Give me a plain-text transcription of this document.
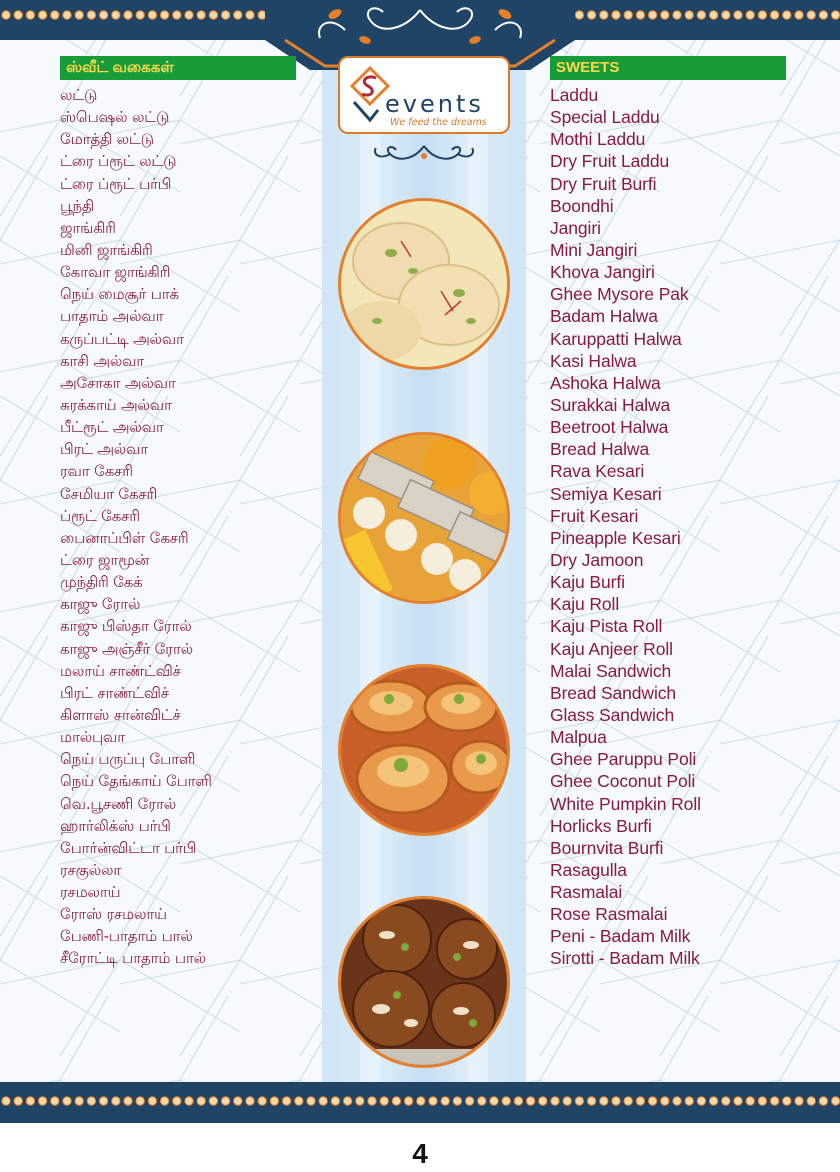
events
We feed the dreams
ஸ்வீட் வகைகள்	SWEETS
லட்டு
ஸ்பெஷல் லட்டு
மோத்தி லட்டு
ட்ரை ப்ரூட் லட்டு
ட்ரை ப்ரூட் பர்பி
பூந்தி
ஜாங்கிரி
மினி ஜாங்கிரி
கோவா ஜாங்கிரி
நெய் மைசூர் பாக்
பாதாம் அல்வா
கருப்பட்டி அல்வா
காசி அல்வா
அசோகா அல்வா
சுரக்காய் அல்வா
பீட்ரூட் அல்வா
பிரட் அல்வா
ரவா கேசரி
சேமியா கேசரி
ப்ரூட் கேசரி
பைனாப்பிள் கேசரி
ட்ரை ஜாமூன்
முந்திரி கேக்
காஜு ரோல்
காஜு பிஸ்தா ரோல்
காஜு அஞ்சீர் ரோல்
மலாய் சாண்ட்விச்
பிரட் சாண்ட்விச்
கிளாஸ் சான்விட்ச்
மால்புவா
நெய் பருப்பு போளி
நெய் தேங்காய் போளி
வெ.பூசணி ரோல்
ஹார்லிக்ஸ் பர்பி
போர்ன்விட்டா பர்பி
ரசகுல்லா
ரசமலாய்
ரோஸ் ரசமலாய்
பேணி-பாதாம் பால்
சீரோட்டி பாதாம் பால்
Laddu
Special Laddu
Mothi Laddu
Dry Fruit Laddu
Dry Fruit Burfi
Boondhi
Jangiri
Mini Jangiri
Khova Jangiri
Ghee Mysore Pak
Badam Halwa
Karuppatti Halwa
Kasi Halwa
Ashoka Halwa
Surakkai Halwa
Beetroot Halwa
Bread Halwa
Rava Kesari
Semiya Kesari
Fruit Kesari
Pineapple Kesari
Dry Jamoon
Kaju Burfi
Kaju Roll
Kaju Pista Roll
Kaju Anjeer Roll
Malai Sandwich
Bread Sandwich
Glass Sandwich
Malpua
Ghee Paruppu Poli
Ghee Coconut Poli
White Pumpkin Roll
Horlicks Burfi
Bournvita Burfi
Rasagulla
Rasmalai
Rose Rasmalai
Peni - Badam Milk
Sirotti - Badam Milk
4
